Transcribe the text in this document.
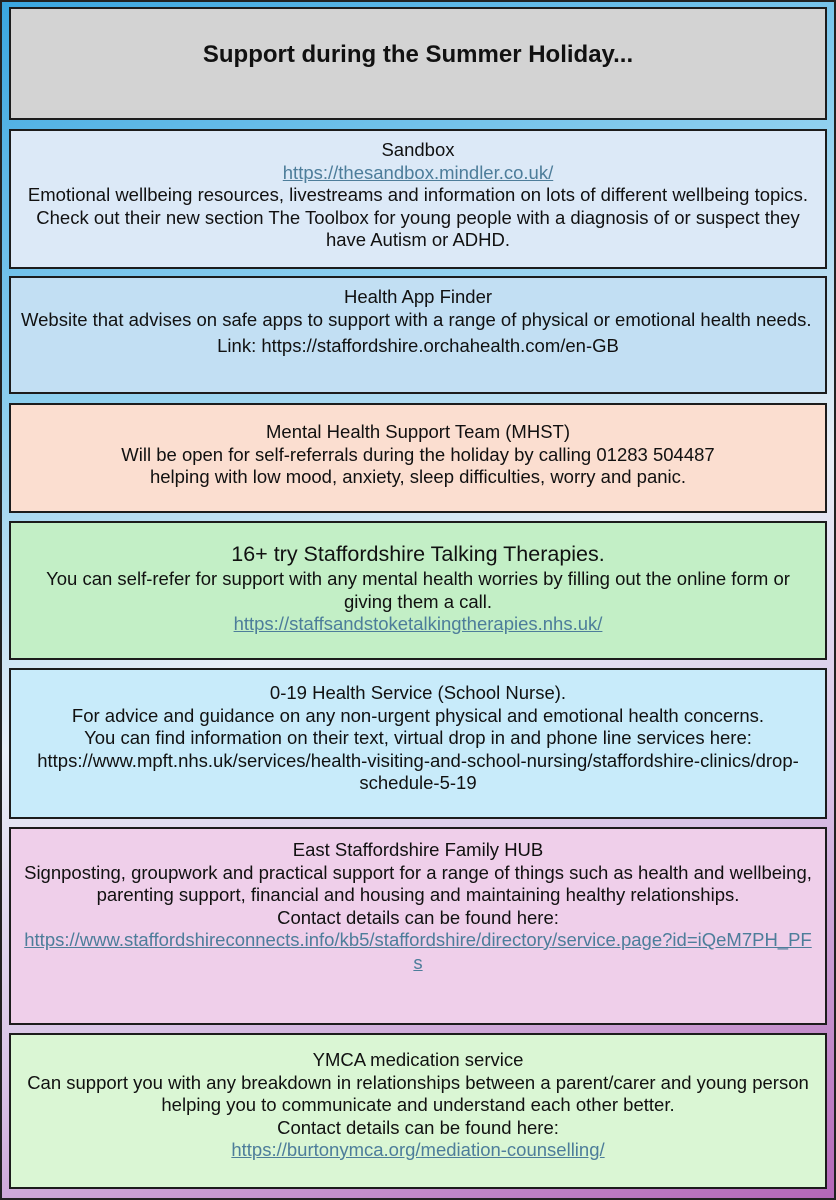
Support during the Summer Holiday...
Sandbox
https://thesandbox.mindler.co.uk/
Emotional wellbeing resources, livestreams and information on lots of different wellbeing topics. Check out their new section The Toolbox for young people with a diagnosis of or suspect they have Autism or ADHD.
Health App Finder
Website that advises on safe apps to support with a range of physical or emotional health needs.
Link: https://staffordshire.orchahealth.com/en-GB
Mental Health Support Team (MHST)
Will be open for self-referrals during the holiday by calling 01283 504487
helping with low mood, anxiety, sleep difficulties, worry and panic.
16+ try Staffordshire Talking Therapies.
You can self-refer for support with any mental health worries by filling out the online form or giving them a call.
https://staffsandstoketalkingtherapies.nhs.uk/
0-19 Health Service (School Nurse).
For advice and guidance on any non-urgent physical and emotional health concerns.
You can find information on their text, virtual drop in and phone line services here:
https://www.mpft.nhs.uk/services/health-visiting-and-school-nursing/staffordshire-clinics/drop-schedule-5-19
East Staffordshire Family HUB
Signposting, groupwork and practical support for a range of things such as health and wellbeing, parenting support, financial and housing and maintaining healthy relationships.
Contact details can be found here:
https://www.staffordshireconnects.info/kb5/staffordshire/directory/service.page?id=iQeM7PH_PFs
YMCA medication service
Can support you with any breakdown in relationships between a parent/carer and young person helping you to communicate and understand each other better.
Contact details can be found here:
https://burtonymca.org/mediation-counselling/
